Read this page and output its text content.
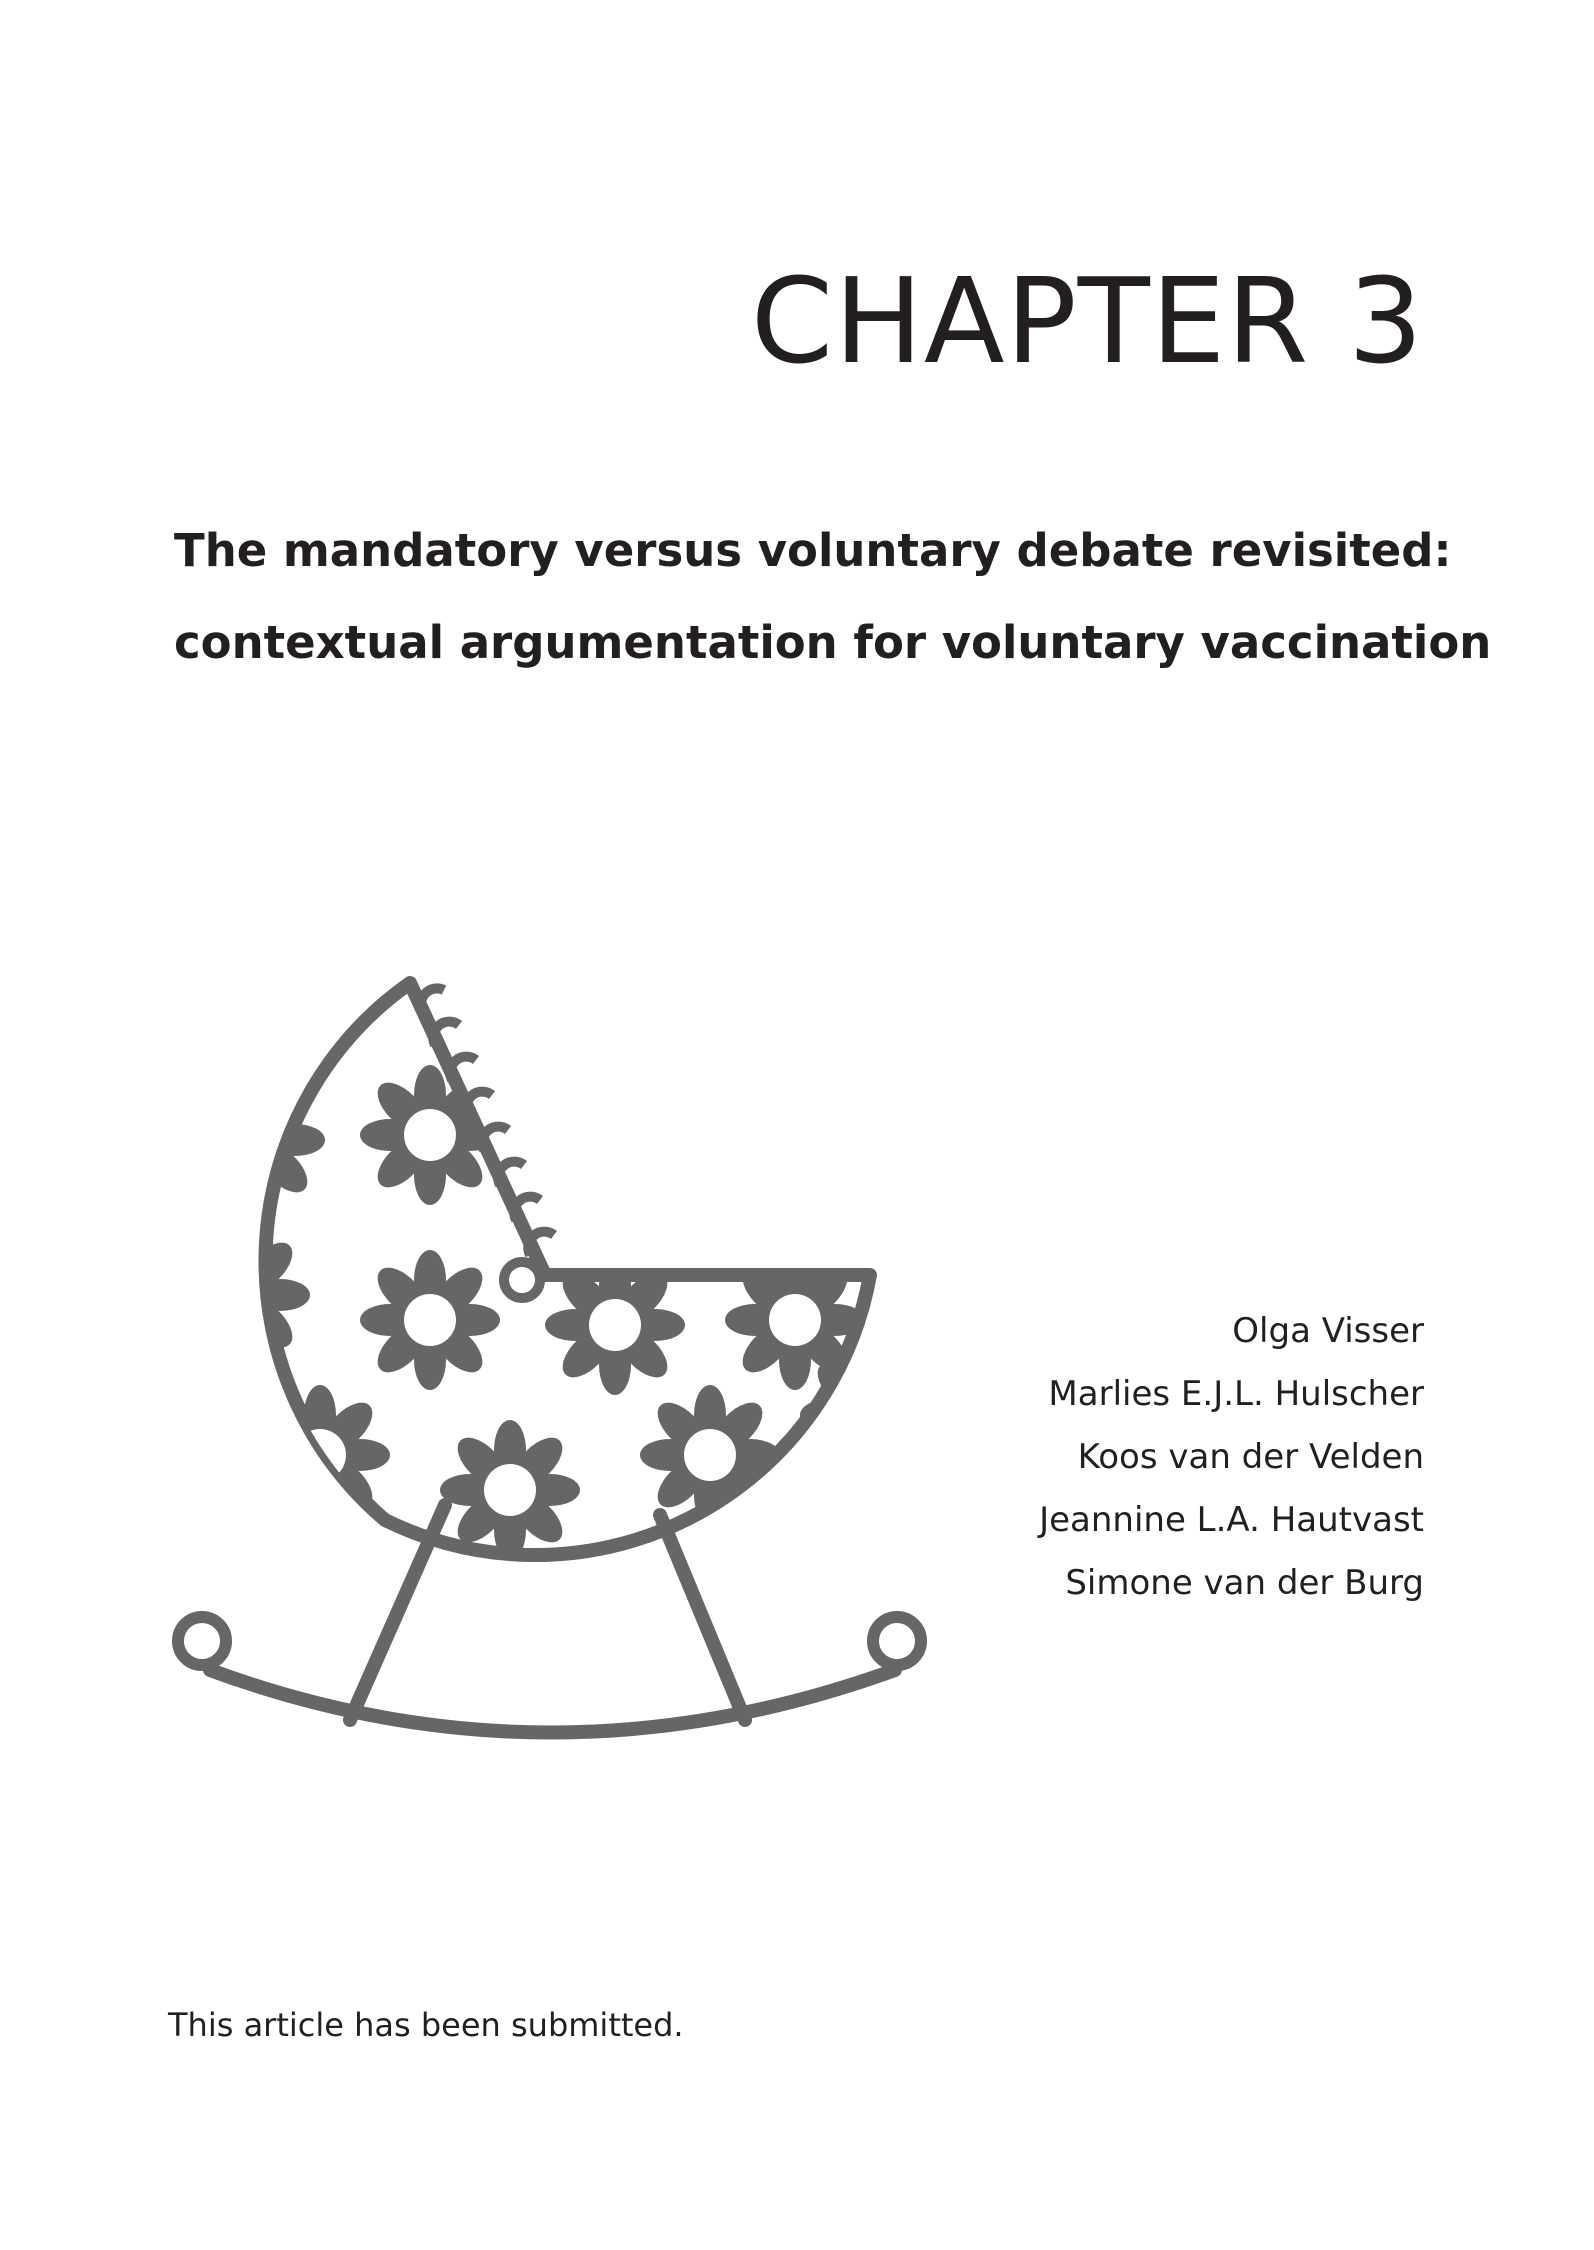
CHAPTER 3
The mandatory versus voluntary debate revisited:
contextual argumentation for voluntary vaccination
Olga Visser
Marlies E.J.L. Hulscher
Koos van der Velden
Jeannine L.A. Hautvast
Simone van der Burg

This article has been submitted.
